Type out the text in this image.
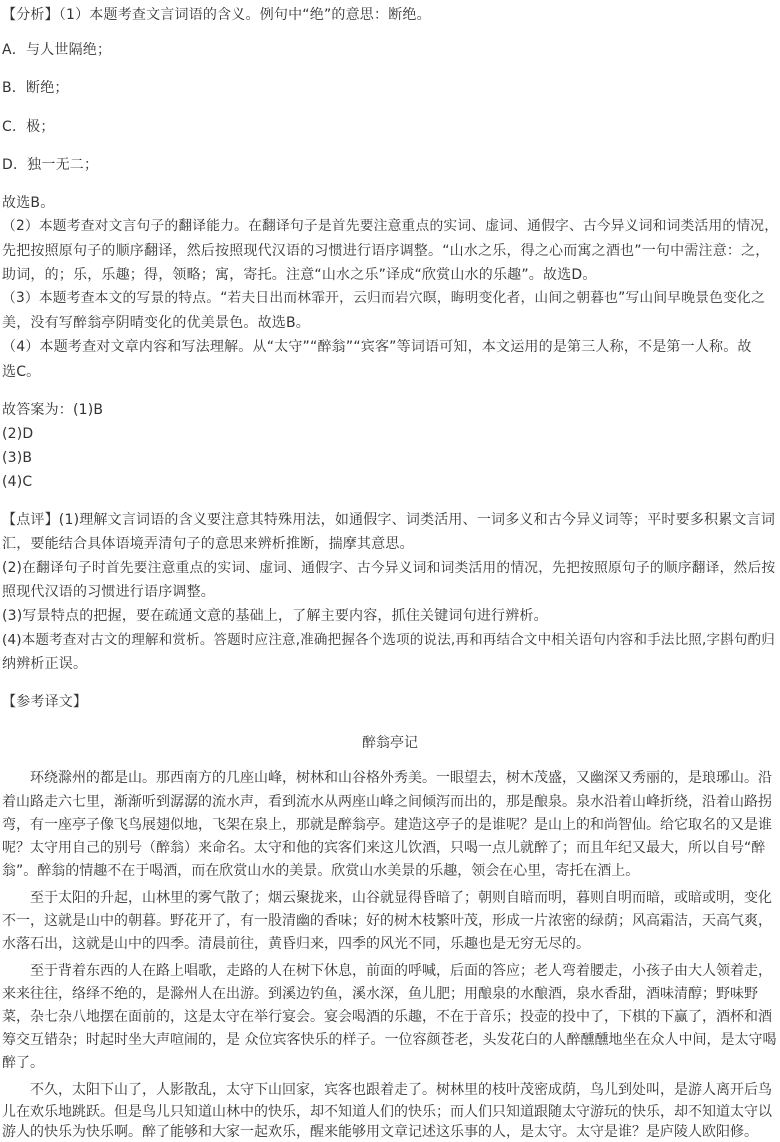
【分析】（1）本题考查文言词语的含义。例句中“绝”的意思：断绝。
A．与人世隔绝；
B．断绝；
C．极；
D．独一无二；
故选B。
（2）本题考查对文言句子的翻译能力。在翻译句子是首先要注意重点的实词、虚词、通假字、古今异义词和词类活用的情况，
先把按照原句子的顺序翻译，然后按照现代汉语的习惯进行语序调整。“山水之乐，得之心而寓之酒也”一句中需注意：之，
助词，的；乐，乐趣；得，领略；寓，寄托。注意“山水之乐”译成“欣赏山水的乐趣”。故选D。
（3）本题考查本文的写景的特点。“若夫日出而林霏开，云归而岩穴暝，晦明变化者，山间之朝暮也”写山间早晚景色变化之
美，没有写醉翁亭阴晴变化的优美景色。故选B。
（4）本题考查对文章内容和写法理解。从“太守”“醉翁”“宾客”等词语可知，本文运用的是第三人称，不是第一人称。故
选C。
故答案为：(1)B
(2)D
(3)B
(4)C
【点评】(1)理解文言词语的含义要注意其特殊用法，如通假字、词类活用、一词多义和古今异义词等；平时要多积累文言词
汇，要能结合具体语境弄清句子的意思来辨析推断，揣摩其意思。
(2)在翻译句子时首先要注意重点的实词、虚词、通假字、古今异义词和词类活用的情况，先把按照原句子的顺序翻译，然后按
照现代汉语的习惯进行语序调整。
(3)写景特点的把握，要在疏通文意的基础上，了解主要内容，抓住关键词句进行辨析。
(4)本题考查对古文的理解和赏析。答题时应注意,准确把握各个选项的说法,再和再结合文中相关语句内容和手法比照,字斟句酌归
纳辨析正误。
【参考译文】
醉翁亭记
　　环绕滁州的都是山。那西南方的几座山峰，树林和山谷格外秀美。一眼望去，树木茂盛，又幽深又秀丽的，是琅琊山。沿
着山路走六七里，渐渐听到潺潺的流水声，看到流水从两座山峰之间倾泻而出的，那是酿泉。泉水沿着山峰折绕，沿着山路拐
弯，有一座亭子像飞鸟展翅似地，飞架在泉上，那就是醉翁亭。建造这亭子的是谁呢？是山上的和尚智仙。给它取名的又是谁
呢？太守用自己的别号（醉翁）来命名。太守和他的宾客们来这儿饮酒，只喝一点儿就醉了；而且年纪又最大，所以自号“醉
翁”。醉翁的情趣不在于喝酒，而在欣赏山水的美景。欣赏山水美景的乐趣，领会在心里，寄托在酒上。
　　至于太阳的升起，山林里的雾气散了；烟云聚拢来，山谷就显得昏暗了；朝则自暗而明，暮则自明而暗，或暗或明，变化
不一，这就是山中的朝暮。野花开了，有一股清幽的香味；好的树木枝繁叶茂，形成一片浓密的绿荫；风高霜洁，天高气爽，
水落石出，这就是山中的四季。清晨前往，黄昏归来，四季的风光不同，乐趣也是无穷无尽的。
　　至于背着东西的人在路上唱歌，走路的人在树下休息，前面的呼喊，后面的答应；老人弯着腰走，小孩子由大人领着走，
来来往往，络绎不绝的，是滁州人在出游。到溪边钓鱼，溪水深，鱼儿肥；用酿泉的水酿酒，泉水香甜，酒味清醇；野味野
菜，杂七杂八地摆在面前的，这是太守在举行宴会。宴会喝酒的乐趣，不在于音乐；投壶的投中了，下棋的下赢了，酒杯和酒
筹交互错杂；时起时坐大声喧闹的，是 众位宾客快乐的样子。一位容颜苍老，头发花白的人醉醺醺地坐在众人中间，是太守喝
醉了。
　　不久，太阳下山了，人影散乱，太守下山回家，宾客也跟着走了。树林里的枝叶茂密成荫，鸟儿到处叫，是游人离开后鸟
儿在欢乐地跳跃。但是鸟儿只知道山林中的快乐，却不知道人们的快乐；而人们只知道跟随太守游玩的快乐，却不知道太守以
游人的快乐为快乐啊。醉了能够和大家一起欢乐，醒来能够用文章记述这乐事的人，是太守。太守是谁？是庐陵人欧阳修。
